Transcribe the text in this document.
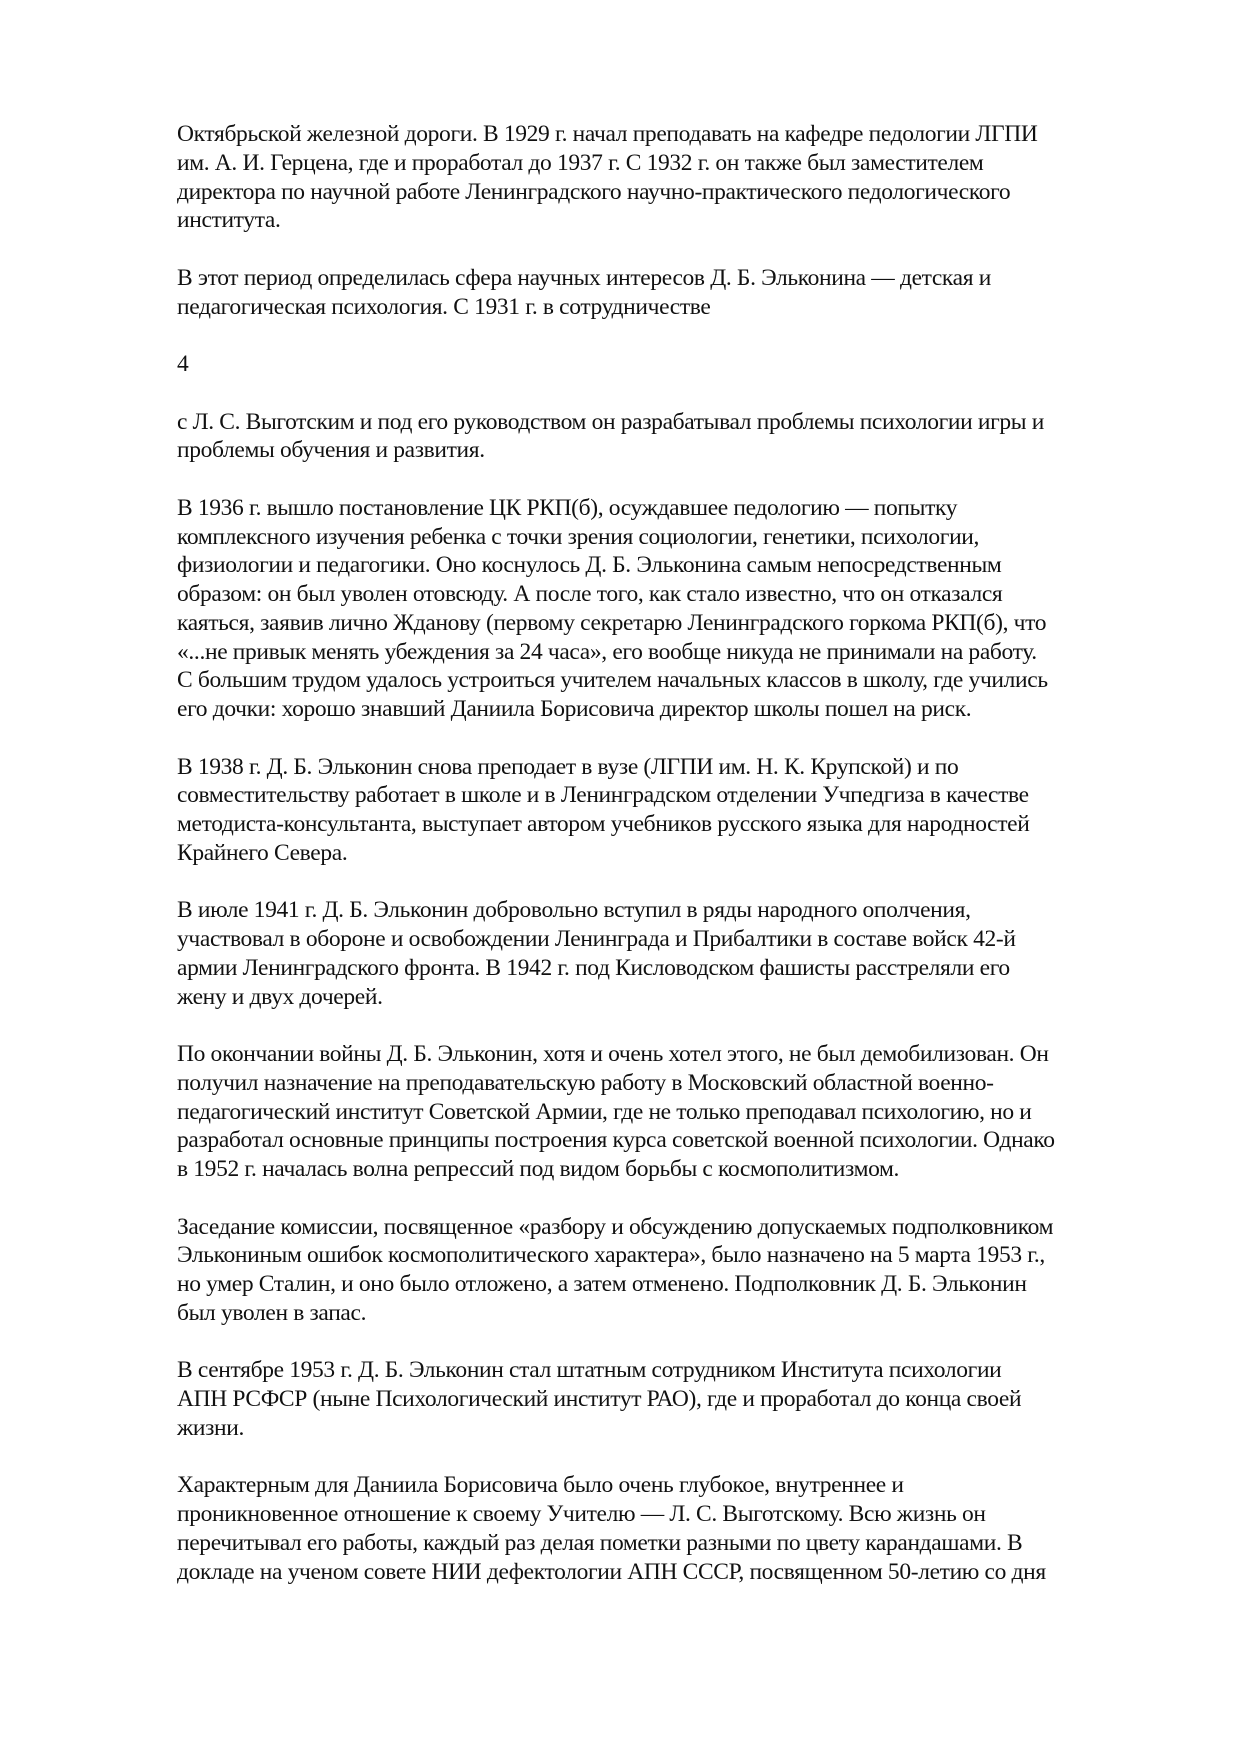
Октябрьской железной дороги. В 1929 г. начал преподавать на кафедре педологии ЛГПИ
им. А. И. Герцена, где и проработал до 1937 г. С 1932 г. он также был заместителем
директора по научной работе Ленинградского научно-практического педологического
института.

В этот период определилась сфера научных интересов Д. Б. Эльконина — детская и
педагогическая психология. С 1931 г. в сотрудничестве

4

с Л. С. Выготским и под его руководством он разрабатывал проблемы психологии игры и
проблемы обучения и развития.

В 1936 г. вышло постановление ЦК РКП(б), осуждавшее педологию — попытку
комплексного изучения ребенка с точки зрения социологии, генетики, психологии,
физиологии и педагогики. Оно коснулось Д. Б. Эльконина самым непосредственным
образом: он был уволен отовсюду. А после того, как стало известно, что он отказался
каяться, заявив лично Жданову (первому секретарю Ленинградского горкома РКП(б), что
«...не привык менять убеждения за 24 часа», его вообще никуда не принимали на работу.
С большим трудом удалось устроиться учителем начальных классов в школу, где учились
его дочки: хорошо знавший Даниила Борисовича директор школы пошел на риск.

В 1938 г. Д. Б. Эльконин снова преподает в вузе (ЛГПИ им. Н. К. Крупской) и по
совместительству работает в школе и в Ленинградском отделении Учпедгиза в качестве
методиста-консультанта, выступает автором учебников русского языка для народностей
Крайнего Севера.

В июле 1941 г. Д. Б. Эльконин добровольно вступил в ряды народного ополчения,
участвовал в обороне и освобождении Ленинграда и Прибалтики в составе войск 42-й
армии Ленинградского фронта. В 1942 г. под Кисловодском фашисты расстреляли его
жену и двух дочерей.

По окончании войны Д. Б. Эльконин, хотя и очень хотел этого, не был демобилизован. Он
получил назначение на преподавательскую работу в Московский областной военно-
педагогический институт Советской Армии, где не только преподавал психологию, но и
разработал основные принципы построения курса советской военной психологии. Однако
в 1952 г. началась волна репрессий под видом борьбы с космополитизмом.

Заседание комиссии, посвященное «разбору и обсуждению допускаемых подполковником
Элькониным ошибок космополитического характера», было назначено на 5 марта 1953 г.,
но умер Сталин, и оно было отложено, а затем отменено. Подполковник Д. Б. Эльконин
был уволен в запас.

В сентябре 1953 г. Д. Б. Эльконин стал штатным сотрудником Института психологии
АПН РСФСР (ныне Психологический институт РАО), где и проработал до конца своей
жизни.

Характерным для Даниила Борисовича было очень глубокое, внутреннее и
проникновенное отношение к своему Учителю — Л. С. Выготскому. Всю жизнь он
перечитывал его работы, каждый раз делая пометки разными по цвету карандашами. В
докладе на ученом совете НИИ дефектологии АПН СССР, посвященном 50-летию со дня
